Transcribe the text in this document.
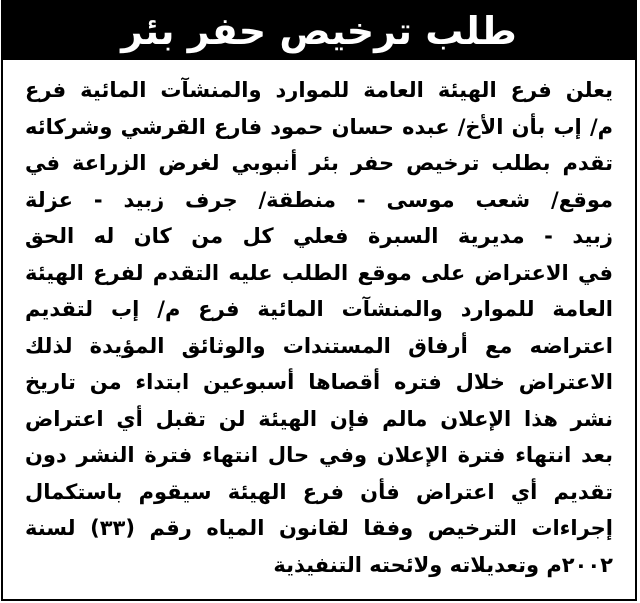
طلب ترخيص حفر بئر
يعلن فرع الهيئة العامة للموارد والمنشآت المائية فرع
م/ إب بأن الأخ/ عبده حسان حمود فارع القرشي وشركائه
تقدم بطلب ترخيص حفر بئر أنبوبي لغرض الزراعة في
موقع/ شعب موسى - منطقة/ جرف زبيد - عزلة
زبيد - مديرية السبرة فعلي كل من كان له الحق
في الاعتراض على موقع الطلب عليه التقدم لفرع الهيئة
العامة للموارد والمنشآت المائية فرع م/ إب لتقديم
اعتراضه مع أرفاق المستندات والوثائق المؤيدة لذلك
الاعتراض خلال فتره أقصاها أسبوعين ابتداء من تاريخ
نشر هذا الإعلان مالم فإن الهيئة لن تقبل أي اعتراض
بعد انتهاء فترة الإعلان وفي حال انتهاء فترة النشر دون
تقديم أي اعتراض فأن فرع الهيئة سيقوم باستكمال
إجراءات الترخيص وفقا لقانون المياه رقم (٣٣) لسنة
٢٠٠٢م وتعديلاته ولائحته التنفيذية
